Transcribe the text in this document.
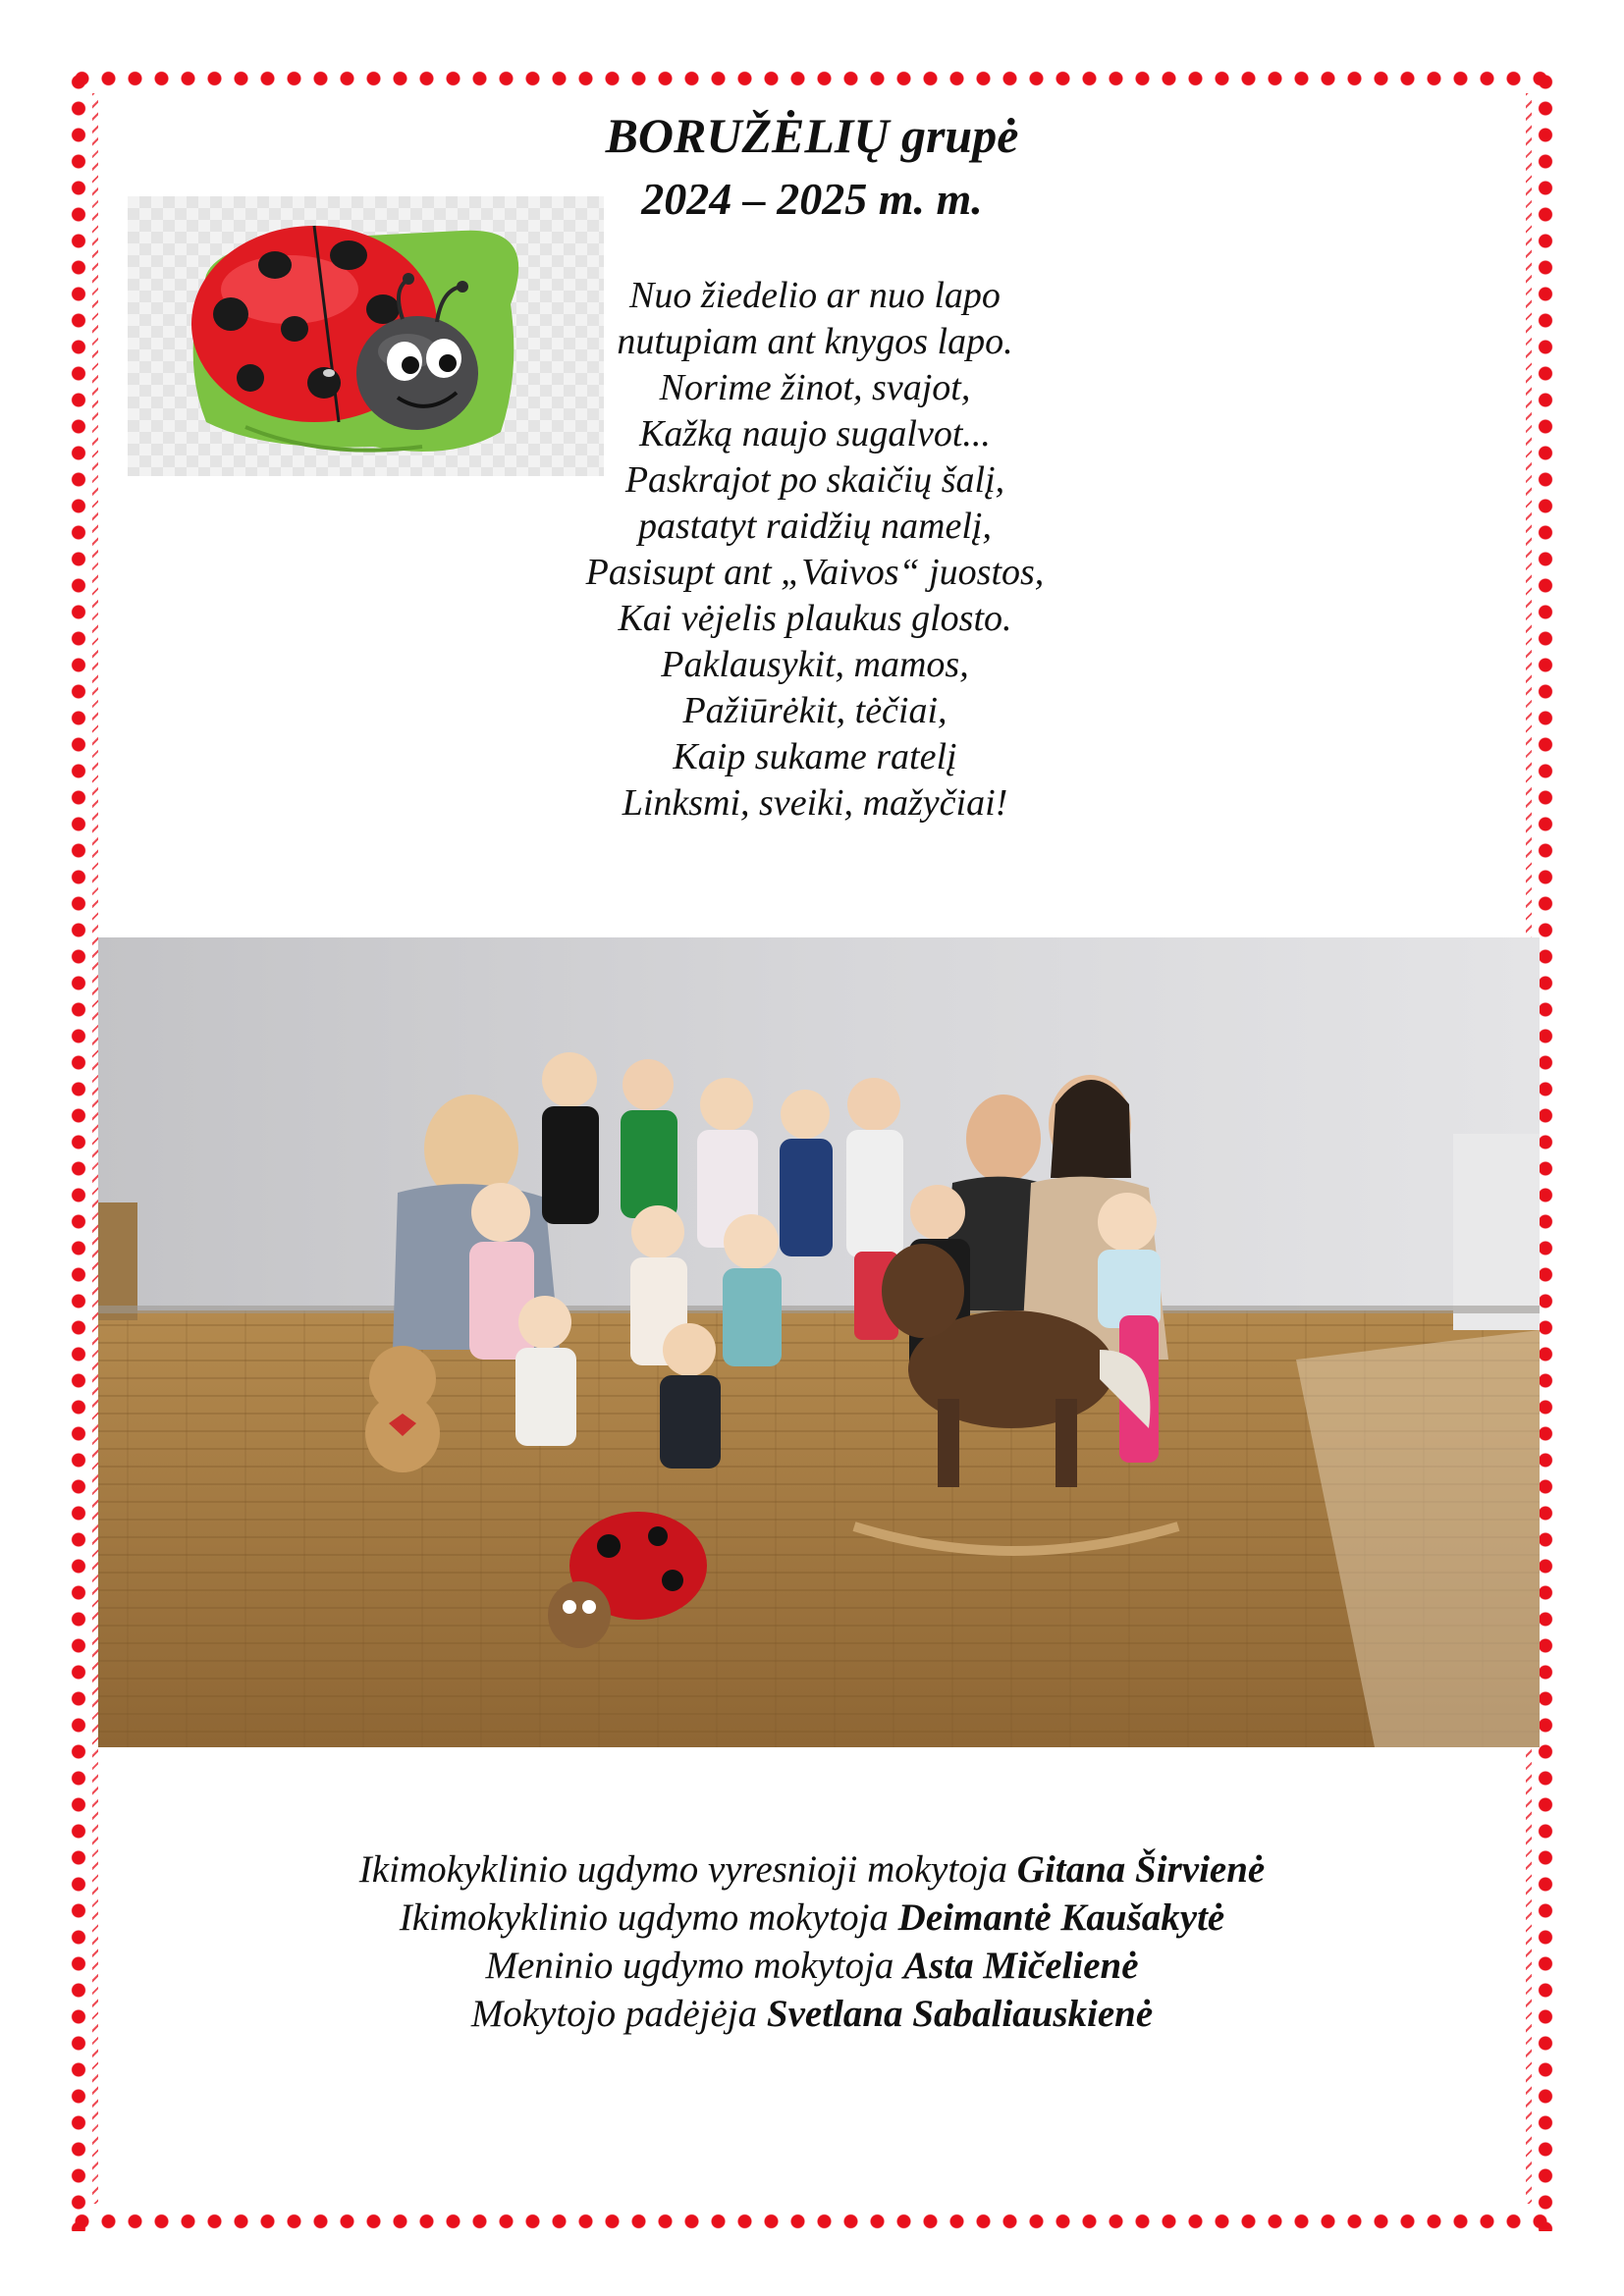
BORUŽĖLIŲ grupė
2024 – 2025 m. m.
Nuo žiedelio ar nuo lapo
nutupiam ant knygos lapo.
Norime žinot, svajot,
Kažką naujo sugalvot...
Paskrajot po skaičių šalį,
pastatyt raidžių namelį,
Pasisupt ant „Vaivos“ juostos,
Kai vėjelis plaukus glosto.
Paklausykit, mamos,
Pažiūrėkit, tėčiai,
Kaip sukame ratelį
Linksmi, sveiki, mažyčiai!
Ikimokyklinio ugdymo vyresnioji mokytoja Gitana Širvienė
Ikimokyklinio ugdymo mokytoja Deimantė Kaušakytė
Meninio ugdymo mokytoja Asta Mičelienė
Mokytojo padėjėja Svetlana Sabaliauskienė
